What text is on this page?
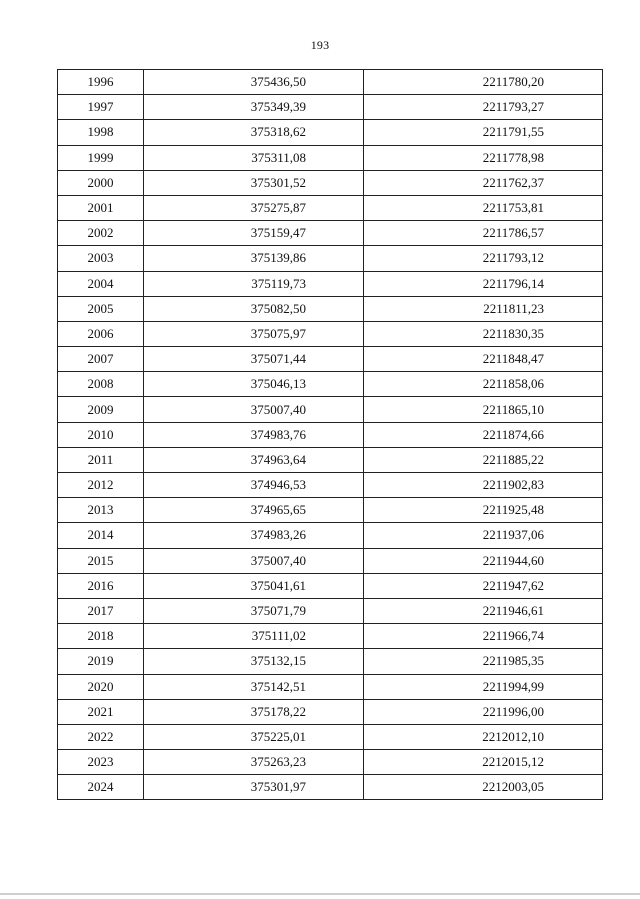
193
1996	375436,50	2211780,20
1997	375349,39	2211793,27
1998	375318,62	2211791,55
1999	375311,08	2211778,98
2000	375301,52	2211762,37
2001	375275,87	2211753,81
2002	375159,47	2211786,57
2003	375139,86	2211793,12
2004	375119,73	2211796,14
2005	375082,50	2211811,23
2006	375075,97	2211830,35
2007	375071,44	2211848,47
2008	375046,13	2211858,06
2009	375007,40	2211865,10
2010	374983,76	2211874,66
2011	374963,64	2211885,22
2012	374946,53	2211902,83
2013	374965,65	2211925,48
2014	374983,26	2211937,06
2015	375007,40	2211944,60
2016	375041,61	2211947,62
2017	375071,79	2211946,61
2018	375111,02	2211966,74
2019	375132,15	2211985,35
2020	375142,51	2211994,99
2021	375178,22	2211996,00
2022	375225,01	2212012,10
2023	375263,23	2212015,12
2024	375301,97	2212003,05
